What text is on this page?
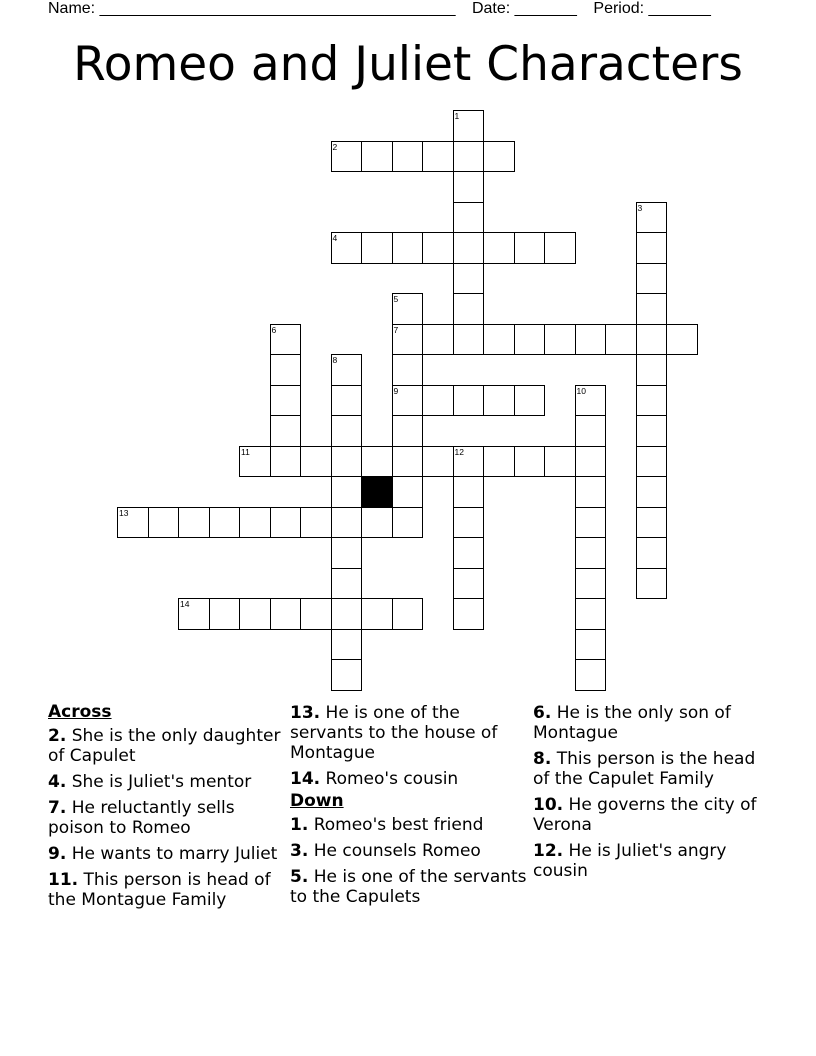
Name: ________________________________________ Date: _______ Period: _______
Romeo and Juliet Characters
1
2
3
4
5
7
9
6
8
10
11	12
13
14
Across
2. She is the only daughter of Capulet
4. She is Juliet's mentor
7. He reluctantly sells poison to Romeo
9. He wants to marry Juliet
11. This person is head of the Montague Family
13. He is one of the servants to the house of Montague
14. Romeo's cousin
Down
1. Romeo's best friend
3. He counsels Romeo
5. He is one of the servants to the Capulets
6. He is the only son of Montague
8. This person is the head of the Capulet Family
10. He governs the city of Verona
12. He is Juliet's angry cousin
